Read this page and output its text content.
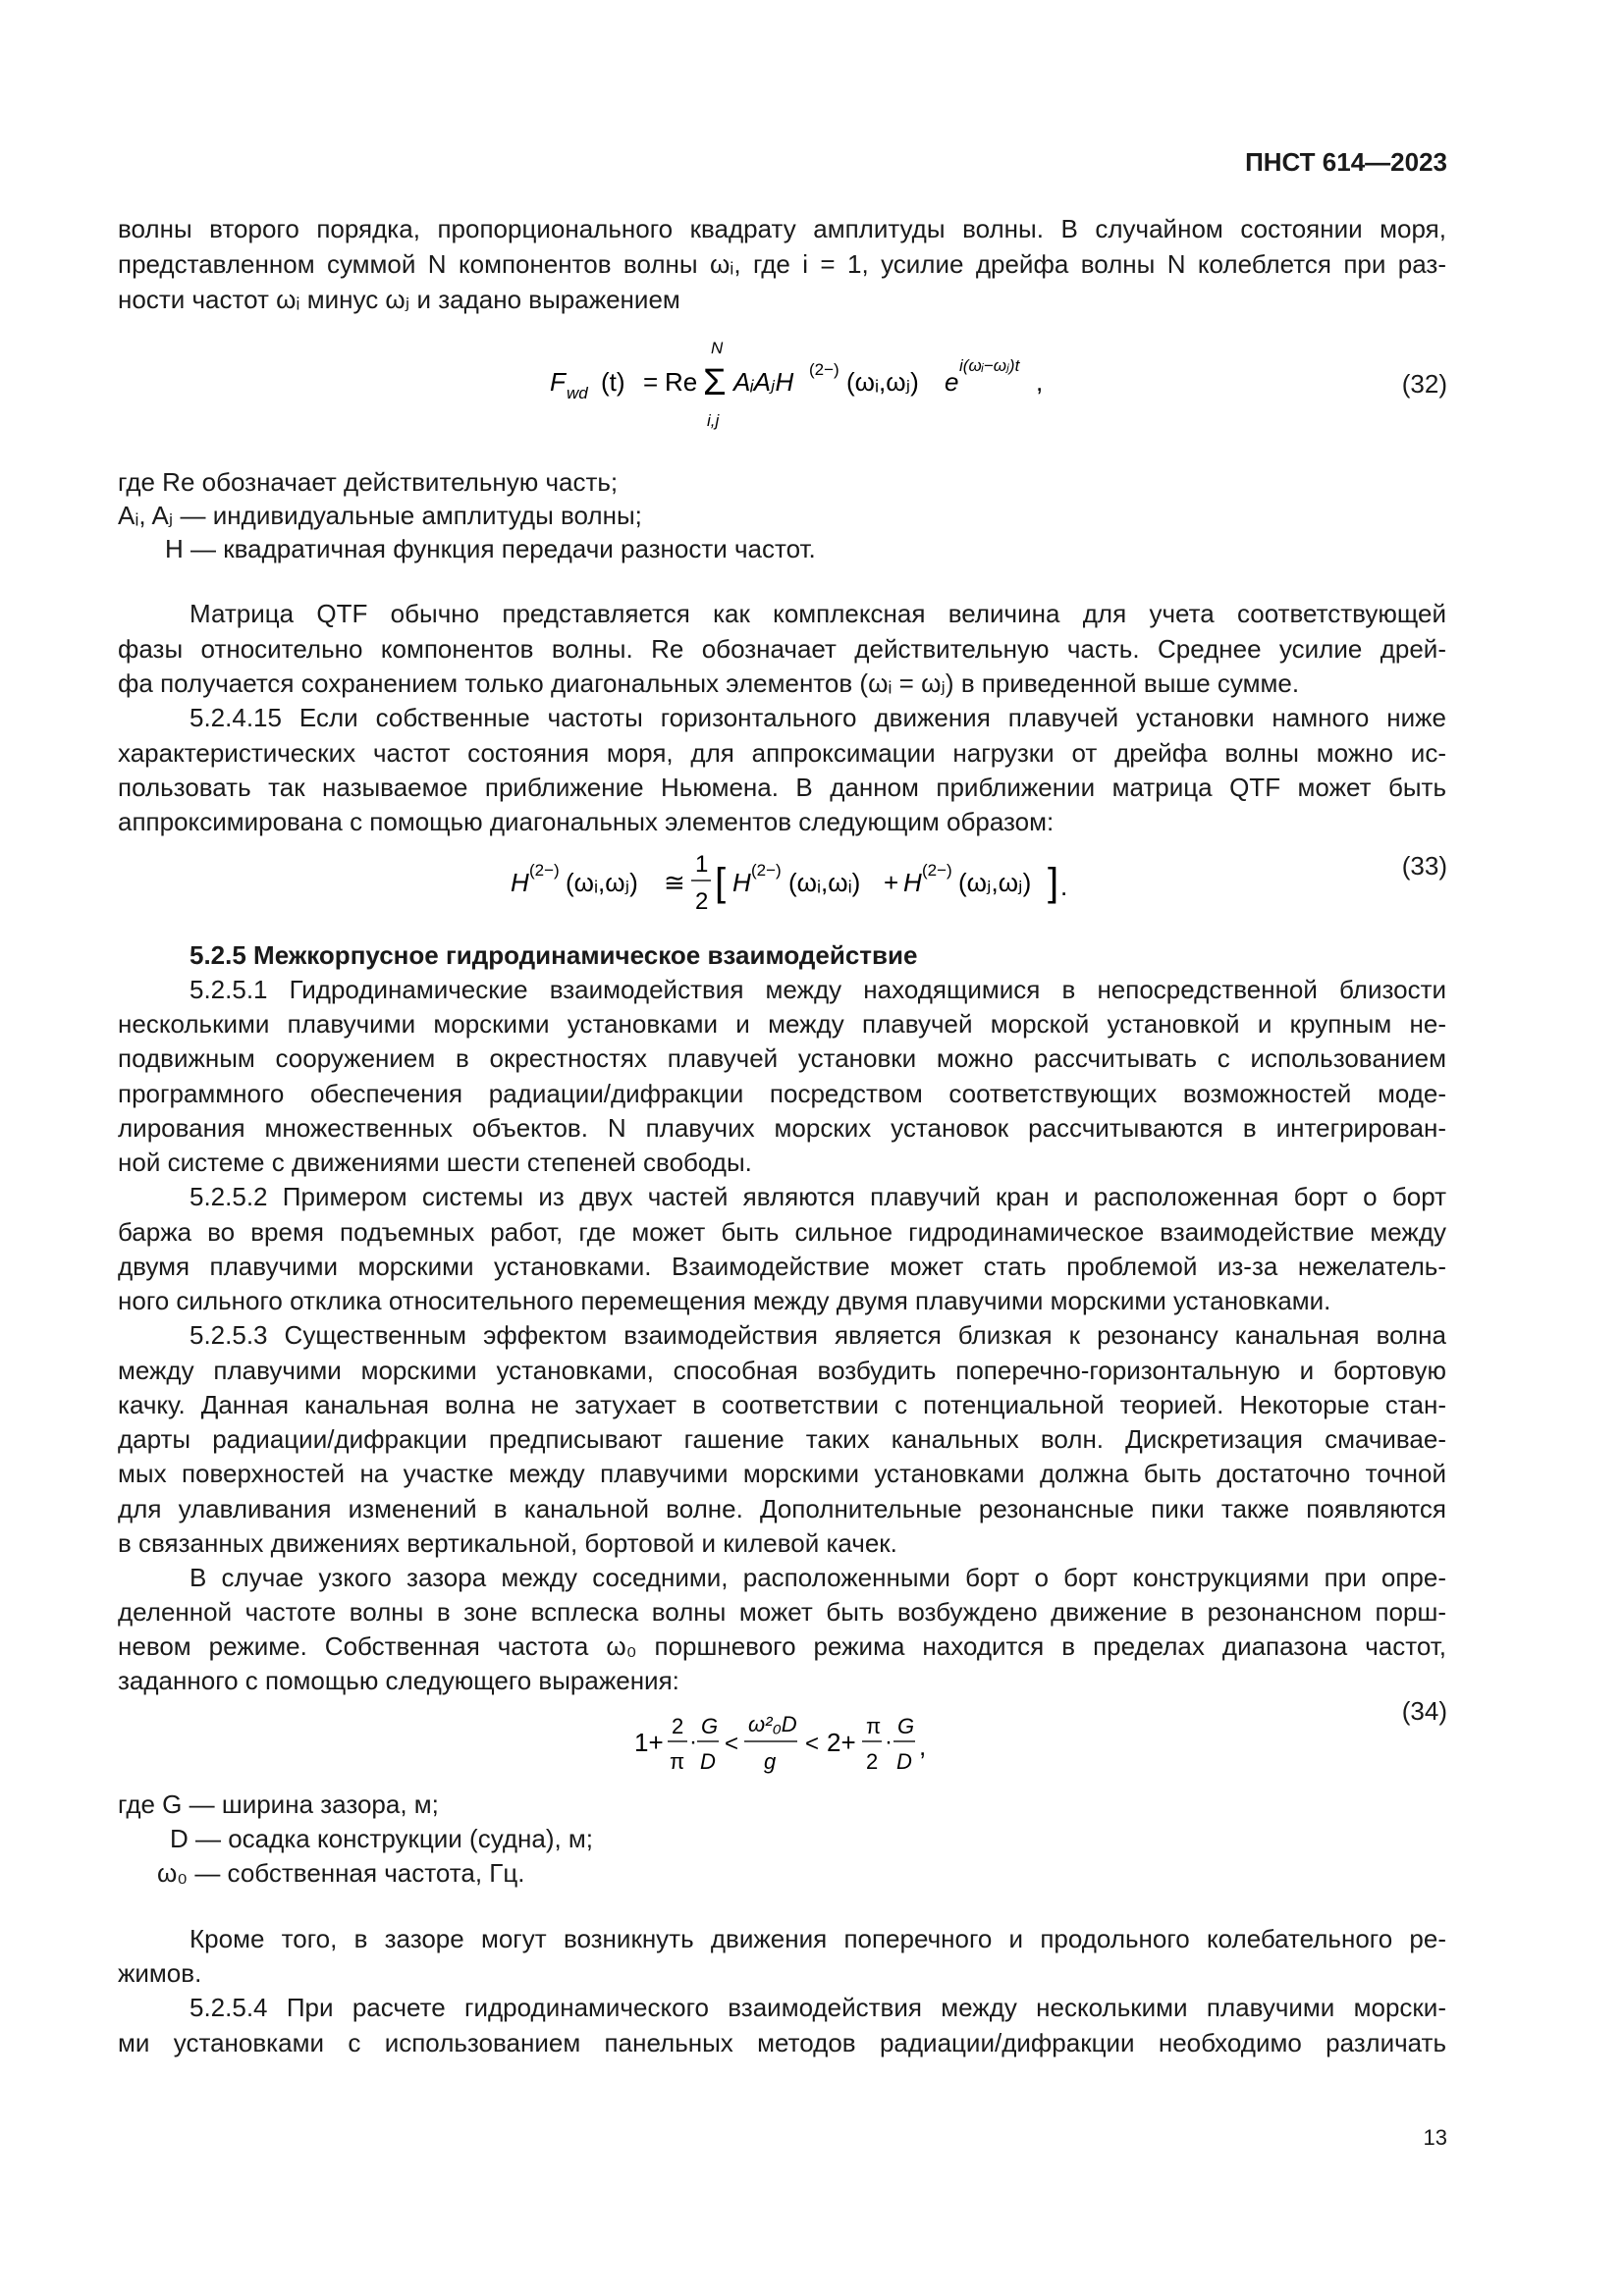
ПНСТ 614—2023
волны второго порядка, пропорционального квадрату амплитуды волны. В случайном состоянии моря,
представленном суммой N компонентов волны ωᵢ, где i = 1, усилие дрейфа волны N колеблется при раз-
ности частот ωᵢ минус ωⱼ и задано выражением
F wd (t) = Re Σ
N
i,j
AᵢAⱼH (2−) (ωᵢ,ωⱼ) e
i(ωᵢ−ωⱼ)t
,	(32)
где Re обозначает действительную часть;
Aᵢ, Aⱼ — индивидуальные амплитуды волны;
H — квадратичная функция передачи разности частот.
Матрица QTF обычно представляется как комплексная величина для учета соответствующей
фазы относительно компонентов волны. Re обозначает действительную часть. Среднее усилие дрей-
фа получается сохранением только диагональных элементов (ωᵢ = ωⱼ) в приведенной выше сумме.
5.2.4.15 Если собственные частоты горизонтального движения плавучей установки намного ниже
характеристических частот состояния моря, для аппроксимации нагрузки от дрейфа волны можно ис-
пользовать так называемое приближение Ньюмена. В данном приближении матрица QTF может быть
аппроксимирована с помощью диагональных элементов следующим образом:
H (2−) (ωᵢ,ωⱼ) ≅
1
2 [ H (2−) (ωᵢ,ωᵢ) + H (2−) (ωⱼ,ωⱼ) ] .
(33)
5.2.5 Межкорпусное гидродинамическое взаимодействие
5.2.5.1 Гидродинамические взаимодействия между находящимися в непосредственной близости
несколькими плавучими морскими установками и между плавучей морской установкой и крупным не-
подвижным сооружением в окрестностях плавучей установки можно рассчитывать с использованием
программного обеспечения радиации/дифракции посредством соответствующих возможностей моде-
лирования множественных объектов. N плавучих морских установок рассчитываются в интегрирован-
ной системе с движениями шести степеней свободы.
5.2.5.2 Примером системы из двух частей являются плавучий кран и расположенная борт о борт
баржа во время подъемных работ, где может быть сильное гидродинамическое взаимодействие между
двумя плавучими морскими установками. Взаимодействие может стать проблемой из-за нежелатель-
ного сильного отклика относительного перемещения между двумя плавучими морскими установками.
5.2.5.3 Существенным эффектом взаимодействия является близкая к резонансу канальная волна
между плавучими морскими установками, способная возбудить поперечно-горизонтальную и бортовую
качку. Данная канальная волна не затухает в соответствии с потенциальной теорией. Некоторые стан-
дарты радиации/дифракции предписывают гашение таких канальных волн. Дискретизация смачивае-
мых поверхностей на участке между плавучими морскими установками должна быть достаточно точной
для улавливания изменений в канальной волне. Дополнительные резонансные пики также появляются
в связанных движениях вертикальной, бортовой и килевой качек.
В случае узкого зазора между соседними, расположенными борт о борт конструкциями при опре-
деленной частоте волны в зоне всплеска волны может быть возбуждено движение в резонансном порш-
невом режиме. Собственная частота ω₀ поршневого режима находится в пределах диапазона частот,
заданного с помощью следующего выражения:
1+
2
π
·
G
D
<
ω²₀D
g
< 2+
π
2
·
G
D
,
(34)
где G — ширина зазора, м;
D — осадка конструкции (судна), м;
ω₀ — собственная частота, Гц.
Кроме того, в зазоре могут возникнуть движения поперечного и продольного колебательного ре-
жимов.
5.2.5.4 При расчете гидродинамического взаимодействия между несколькими плавучими морски-
ми установками с использованием панельных методов радиации/дифракции необходимо различать
13
